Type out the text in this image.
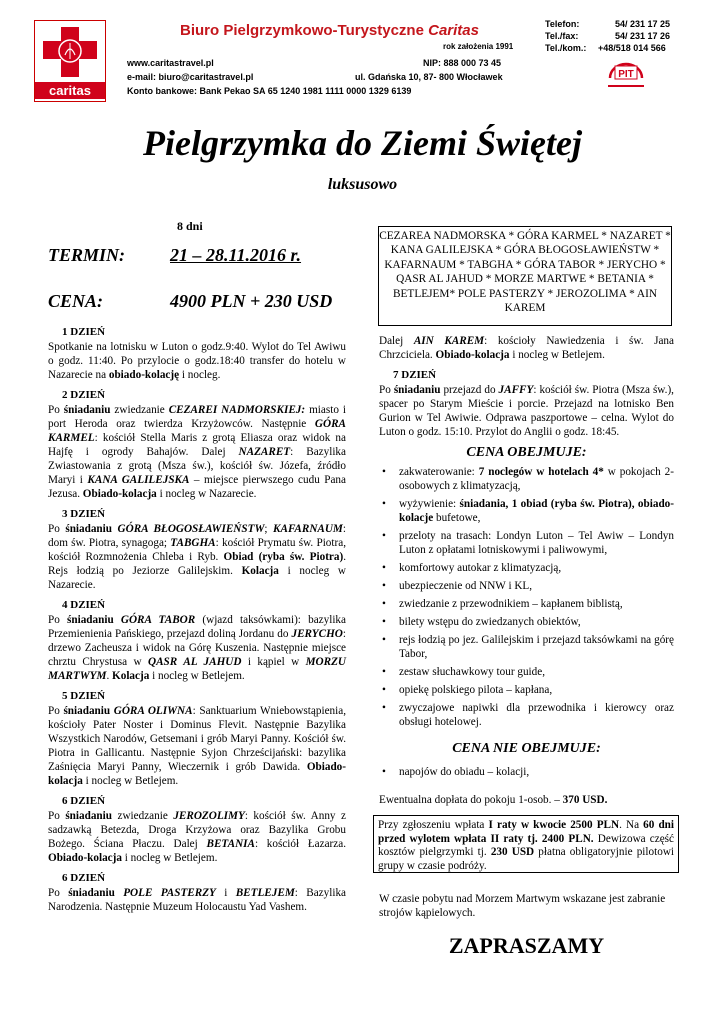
caritas
Biuro Pielgrzymkowo-Turystyczne Caritas
rok założenia 1991
www.caritastravel.pl
e-mail: biuro@caritastravel.pl
Konto bankowe: Bank Pekao SA 65 1240 1981 1111 0000 1329 6139
NIP: 888 000 73 45
ul. Gdańska 10, 87- 800 Włocławek
Telefon:	54/ 231 17 25
Tel./fax:	54/ 231 17 26
Tel./kom.: +48/518 014 566
PIT
Pielgrzymka do Ziemi Świętej
luksusowo
8 dni
TERMIN: 21 – 28.11.2016 r.
CENA:	4900 PLN + 230 USD
CEZAREA NADMORSKA * GÓRA KARMEL * NAZARET * KANA GALILEJSKA * GÓRA BŁOGOSŁAWIEŃSTW * KAFARNAUM * TABGHA * GÓRA TABOR * JERYCHO * QASR AL JAHUD * MORZE MARTWE * BETANIA * BETLEJEM* POLE PASTERZY * JEROZOLIMA * AIN KAREM
1 DZIEŃ

Spotkanie na lotnisku w Luton o godz.9:40. Wylot do Tel Awiwu o godz. 11:40. Po przylocie o godz.18:40 transfer do hotelu w Nazarecie na obiado-kolację i nocleg.

2 DZIEŃ

Po śniadaniu zwiedzanie CEZAREI NADMORSKIEJ: miasto i port Heroda oraz twierdza Krzyżowców. Następnie GÓRA KARMEL: kościół Stella Maris z grotą Eliasza oraz widok na Hajfę i ogrody Bahajów. Dalej NAZARET: Bazylika Zwiastowania z grotą (Msza św.), kościół św. Józefa, źródło Maryi i KANA GALILEJSKA – miejsce pierwszego cudu Pana Jezusa. Obiado-kolacja i nocleg w Nazarecie.

3 DZIEŃ

Po śniadaniu GÓRA BŁOGOSŁAWIEŃSTW; KAFARNAUM: dom św. Piotra, synagoga; TABGHA: kościół Prymatu św. Piotra, kościół Rozmnożenia Chleba i Ryb. Obiad (ryba św. Piotra). Rejs łodzią po Jeziorze Galilejskim. Kolacja i nocleg w Nazarecie.

4 DZIEŃ

Po śniadaniu GÓRA TABOR (wjazd taksówkami): bazylika Przemienienia Pańskiego, przejazd doliną Jordanu do JERYCHO: drzewo Zacheusza i widok na Górę Kuszenia. Następnie miejsce chrztu Chrystusa w QASR AL JAHUD i kąpiel w MORZU MARTWYM. Kolacja i nocleg w Betlejem.

5 DZIEŃ

Po śniadaniu GÓRA OLIWNA: Sanktuarium Wniebowstąpienia, kościoły Pater Noster i Dominus Flevit. Następnie Bazylika Wszystkich Narodów, Getsemani i grób Maryi Panny. Kościół św. Piotra in Gallicantu. Następnie Syjon Chrześcijański: bazylika Zaśnięcia Maryi Panny, Wieczernik i grób Dawida. Obiado-kolacja i nocleg w Betlejem.

6 DZIEŃ

Po śniadaniu zwiedzanie JEROZOLIMY: kościół św. Anny z sadzawką Betezda, Droga Krzyżowa oraz Bazylika Grobu Bożego. Ściana Płaczu. Dalej BETANIA: kościół Łazarza. Obiado-kolacja i nocleg w Betlejem.

6 DZIEŃ

Po śniadaniu POLE PASTERZY i BETLEJEM: Bazylika Narodzenia. Następnie Muzeum Holocaustu Yad Vashem.

Dalej AIN KAREM: kościoły Nawiedzenia i św. Jana Chrzciciela. Obiado-kolacja i nocleg w Betlejem.

7 DZIEŃ

Po śniadaniu przejazd do JAFFY: kościół św. Piotra (Msza św.), spacer po Starym Mieście i porcie. Przejazd na lotnisko Ben Gurion w Tel Awiwie. Odprawa paszportowe – celna. Wylot do Luton o godz. 15:10. Przylot do Anglii o godz. 18:45.

CENA OBEJMUJE:
• zakwaterowanie: 7 noclegów w hotelach 4* w pokojach 2- osobowych z klimatyzacją,
• wyżywienie: śniadania, 1 obiad (ryba św. Piotra), obiado-kolacje bufetowe,
• przeloty na trasach: Londyn Luton – Tel Awiw – Londyn Luton z opłatami lotniskowymi i paliwowymi,
• komfortowy autokar z klimatyzacją,
• ubezpieczenie od NNW i KL,
• zwiedzanie z przewodnikiem – kapłanem biblistą,
• bilety wstępu do zwiedzanych obiektów,
• rejs łodzią po jez. Galilejskim i przejazd taksówkami na górę Tabor,
• zestaw słuchawkowy tour guide,
• opiekę polskiego pilota – kapłana,
• zwyczajowe napiwki dla przewodnika i kierowcy oraz obsługi hotelowej.
CENA NIE OBEJMUJE:
• napojów do obiadu – kolacji,

Ewentualna dopłata do pokoju 1-osob. – 370 USD.

Przy zgłoszeniu wpłata I raty w kwocie 2500 PLN. Na 60 dni przed wylotem wpłata II raty tj. 2400 PLN. Dewizowa część kosztów pielgrzymki tj. 230 USD płatna obligatoryjnie pilotowi grupy w czasie podróży.
W czasie pobytu nad Morzem Martwym wskazane jest zabranie strojów kąpielowych.
ZAPRASZAMY
